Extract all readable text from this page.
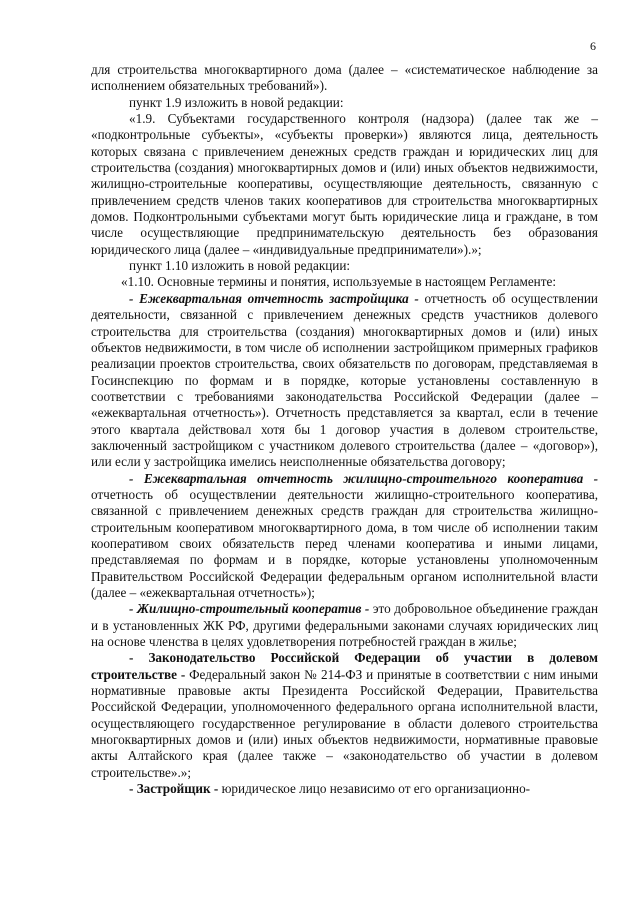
6

для строительства многоквартирного дома (далее – «систематическое наблюдение за исполнением обязательных требований»).

пункт 1.9 изложить в новой редакции:

«1.9. Субъектами государственного контроля (надзора) (далее так же – «подконтрольные субъекты», «субъекты проверки») являются лица, деятельность которых связана с привлечением денежных средств граждан и юридических лиц для строительства (создания) многоквартирных домов и (или) иных объектов недвижимости, жилищно-строительные кооперативы, осуществляющие деятельность, связанную с привлечением средств членов таких кооперативов для строительства многоквартирных домов. Подконтрольными субъектами могут быть юридические лица и граждане, в том числе осуществляющие предпринимательскую деятельность без образования юридического лица (далее – «индивидуальные предприниматели»).»;

пункт 1.10 изложить в новой редакции:

«1.10. Основные термины и понятия, используемые в настоящем Регламенте:

- Ежеквартальная отчетность застройщика - отчетность об осуществлении деятельности, связанной с привлечением денежных средств участников долевого строительства для строительства (создания) многоквартирных домов и (или) иных объектов недвижимости, в том числе об исполнении застройщиком примерных графиков реализации проектов строительства, своих обязательств по договорам, представляемая в Госинспекцию по формам и в порядке, которые установлены составленную в соответствии с требованиями законодательства Российской Федерации (далее – «ежеквартальная отчетность»). Отчетность представляется за квартал, если в течение этого квартала действовал хотя бы 1 договор участия в долевом строительстве, заключенный застройщиком с участником долевого строительства (далее – «договор»), или если у застройщика имелись неисполненные обязательства договору;

- Ежеквартальная отчетность жилищно-строительного кооператива - отчетность об осуществлении деятельности жилищно-строительного кооператива, связанной с привлечением денежных средств граждан для строительства жилищно-строительным кооперативом многоквартирного дома, в том числе об исполнении таким кооперативом своих обязательств перед членами кооператива и иными лицами, представляемая по формам и в порядке, которые установлены уполномоченным Правительством Российской Федерации федеральным органом исполнительной власти (далее – «ежеквартальная отчетность»);

- Жилищно-строительный кооператив - это добровольное объединение граждан и в установленных ЖК РФ, другими федеральными законами случаях юридических лиц на основе членства в целях удовлетворения потребностей граждан в жилье;

- Законодательство Российской Федерации об участии в долевом строительстве - Федеральный закон № 214-ФЗ и принятые в соответствии с ним иными нормативные правовые акты Президента Российской Федерации, Правительства Российской Федерации, уполномоченного федерального органа исполнительной власти, осуществляющего государственное регулирование в области долевого строительства многоквартирных домов и (или) иных объектов недвижимости, нормативные правовые акты Алтайского края (далее также – «законодательство об участии в долевом строительстве».»;

- Застройщик - юридическое лицо независимо от его организационно-
